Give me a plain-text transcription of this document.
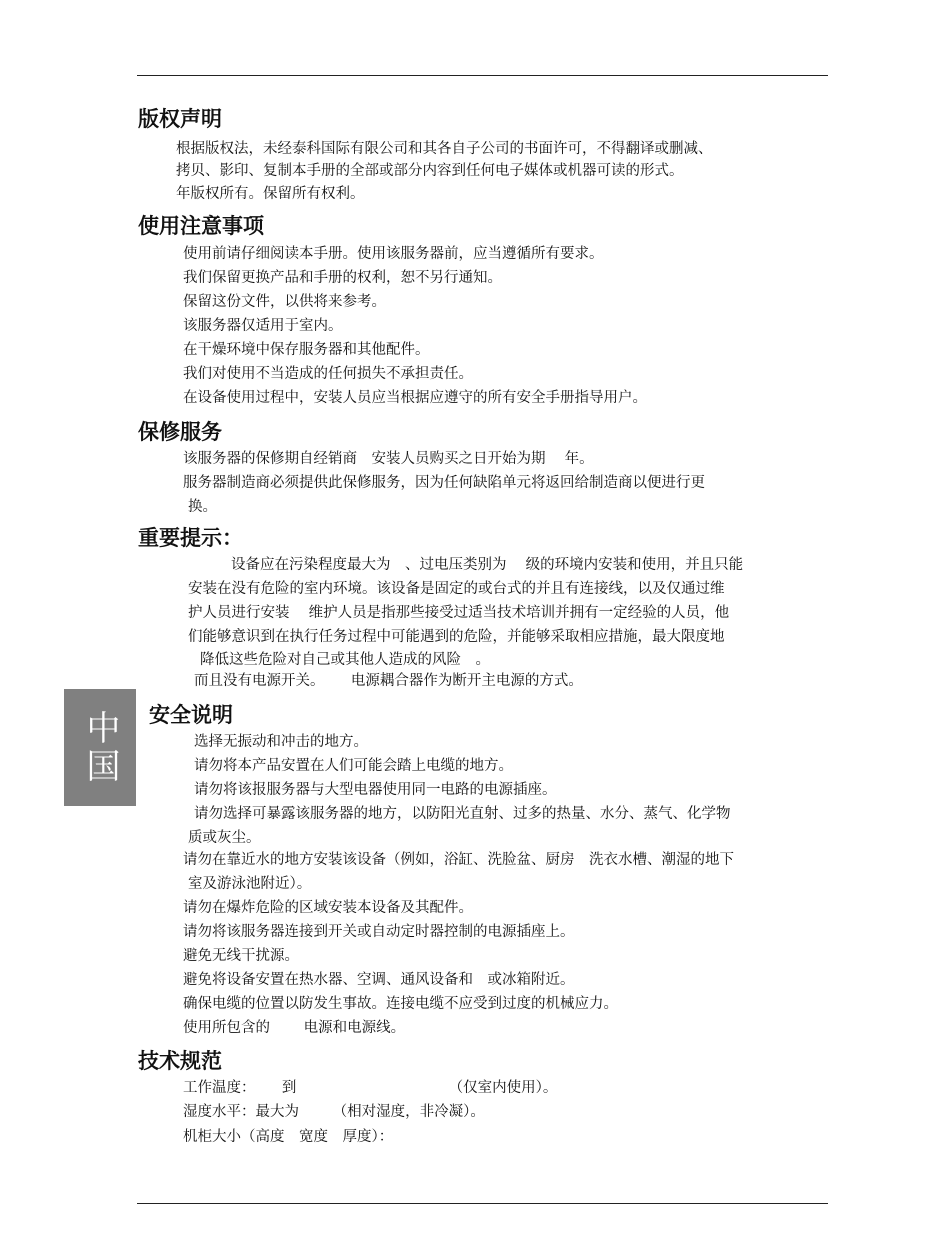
版权声明
根据版权法，未经泰科国际有限公司和其各自子公司的书面许可，不得翻译或删减、
拷贝、影印、复制本手册的全部或部分内容到任何电子媒体或机器可读的形式。
年版权所有。保留所有权利。
使用注意事项
使用前请仔细阅读本手册。使用该服务器前，应当遵循所有要求。
我们保留更换产品和手册的权利，恕不另行通知。
保留这份文件，以供将来参考。
该服务器仅适用于室内。
在干燥环境中保存服务器和其他配件。
我们对使用不当造成的任何损失不承担责任。
在设备使用过程中，安装人员应当根据应遵守的所有安全手册指导用户。
保修服务
该服务器的保修期自经销商　安装人员购买之日开始为期　 年。
服务器制造商必须提供此保修服务，因为任何缺陷单元将返回给制造商以便进行更
换。
重要提示：
设备应在污染程度最大为　、过电压类别为　 级的环境内安装和使用，并且只能
安装在没有危险的室内环境。该设备是固定的或台式的并且有连接线，以及仅通过维
护人员进行安装　 维护人员是指那些接受过适当技术培训并拥有一定经验的人员，他
们能够意识到在执行任务过程中可能遇到的危险，并能够采取相应措施，最大限度地
降低这些危险对自己或其他人造成的风险　。
而且没有电源开关。　　 电源耦合器作为断开主电源的方式。
中国 安全说明
选择无振动和冲击的地方。
请勿将本产品安置在人们可能会踏上电缆的地方。
请勿将该报服务器与大型电器使用同一电路的电源插座。
请勿选择可暴露该服务器的地方，以防阳光直射、过多的热量、水分、蒸气、化学物
质或灰尘。
请勿在靠近水的地方安装该设备（例如，浴缸、洗脸盆、厨房　洗衣水槽、潮湿的地下
室及游泳池附近）。
请勿在爆炸危险的区域安装本设备及其配件。
请勿将该服务器连接到开关或自动定时器控制的电源插座上。
避免无线干扰源。
避免将设备安置在热水器、空调、通风设备和　或冰箱附近。
确保电缆的位置以防发生事故。连接电缆不应受到过度的机械应力。
使用所包含的　　 电源和电源线。
技术规范
工作温度：　　 到　　　　　　　　　　　（仅室内使用）。
湿度水平：最大为　　 （相对湿度，非冷凝）。
机柜大小（高度　宽度　厚度）：
